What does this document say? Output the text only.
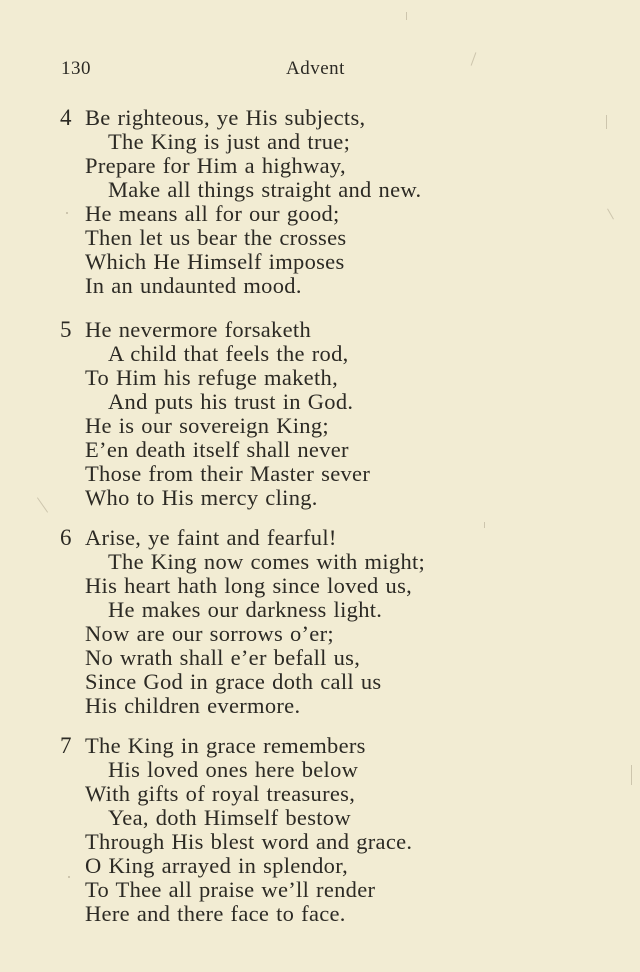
130	Advent
4 Be righteous, ye His subjects,
The King is just and true;
Prepare for Him a highway,
Make all things straight and new.
He means all for our good;
Then let us bear the crosses
Which He Himself imposes
In an undaunted mood.
5 He nevermore forsaketh
A child that feels the rod,
To Him his refuge maketh,
And puts his trust in God.
He is our sovereign King;
E’en death itself shall never
Those from their Master sever
Who to His mercy cling.
6 Arise, ye faint and fearful!
The King now comes with might;
His heart hath long since loved us,
He makes our darkness light.
Now are our sorrows o’er;
No wrath shall e’er befall us,
Since God in grace doth call us
His children evermore.
7 The King in grace remembers
His loved ones here below
With gifts of royal treasures,
Yea, doth Himself bestow
Through His blest word and grace.
O King arrayed in splendor,
To Thee all praise we’ll render
Here and there face to face.
